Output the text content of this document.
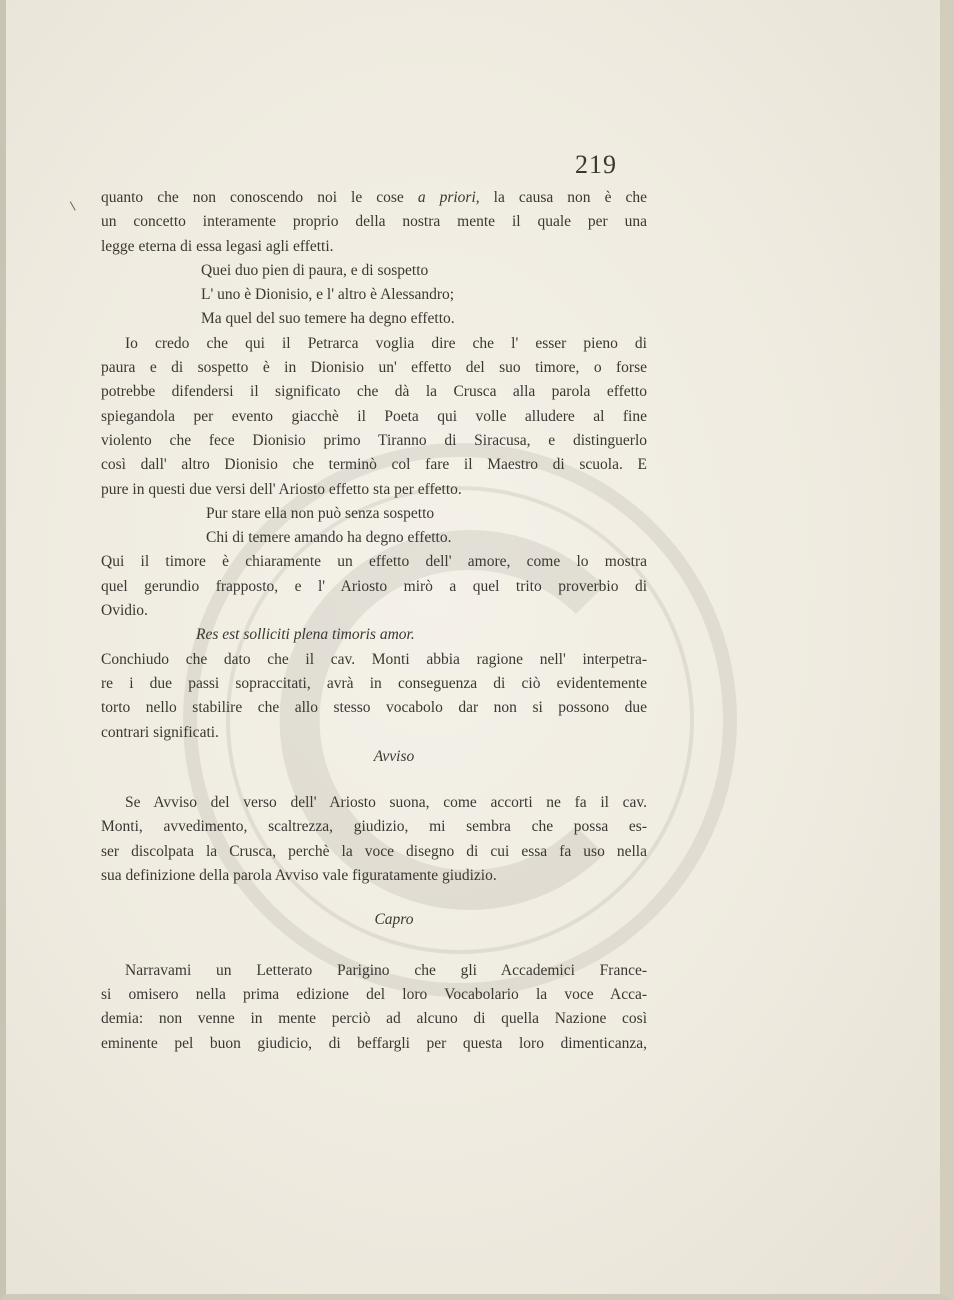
219
quanto che non conoscendo noi le cose a priori, la causa non è che
un concetto interamente proprio della nostra mente il quale per una
legge eterna di essa legasi agli effetti.
Quei duo pien di paura, e di sospetto
L' uno è Dionisio, e l' altro è Alessandro;
Ma quel del suo temere ha degno effetto.
Io credo che qui il Petrarca voglia dire che l' esser pieno di
paura e di sospetto è in Dionisio un' effetto del suo timore, o forse
potrebbe difendersi il significato che dà la Crusca alla parola effetto
spiegandola per evento giacchè il Poeta qui volle alludere al fine
violento che fece Dionisio primo Tiranno di Siracusa, e distinguerlo
così dall' altro Dionisio che terminò col fare il Maestro di scuola. E
pure in questi due versi dell' Ariosto effetto sta per effetto.
Pur stare ella non può senza sospetto
Chi di temere amando ha degno effetto.
Qui il timore è chiaramente un effetto dell' amore, come lo mostra
quel gerundio frapposto, e l' Ariosto mirò a quel trito proverbio di
Ovidio.
Res est solliciti plena timoris amor.
Conchiudo che dato che il cav. Monti abbia ragione nell' interpetra-
re i due passi sopraccitati, avrà in conseguenza di ciò evidentemente
torto nello stabilire che allo stesso vocabolo dar non si possono due
contrari significati.
Avviso
Se Avviso del verso dell' Ariosto suona, come accorti ne fa il cav.
Monti, avvedimento, scaltrezza, giudizio, mi sembra che possa es-
ser discolpata la Crusca, perchè la voce disegno di cui essa fa uso nella
sua definizione della parola Avviso vale figuratamente giudizio.
Capro
Narravami un Letterato Parigino che gli Accademici France-
si omisero nella prima edizione del loro Vocabolario la voce Acca-
demia: non venne in mente perciò ad alcuno di quella Nazione così
eminente pel buon giudicio, di beffargli per questa loro dimenticanza,
